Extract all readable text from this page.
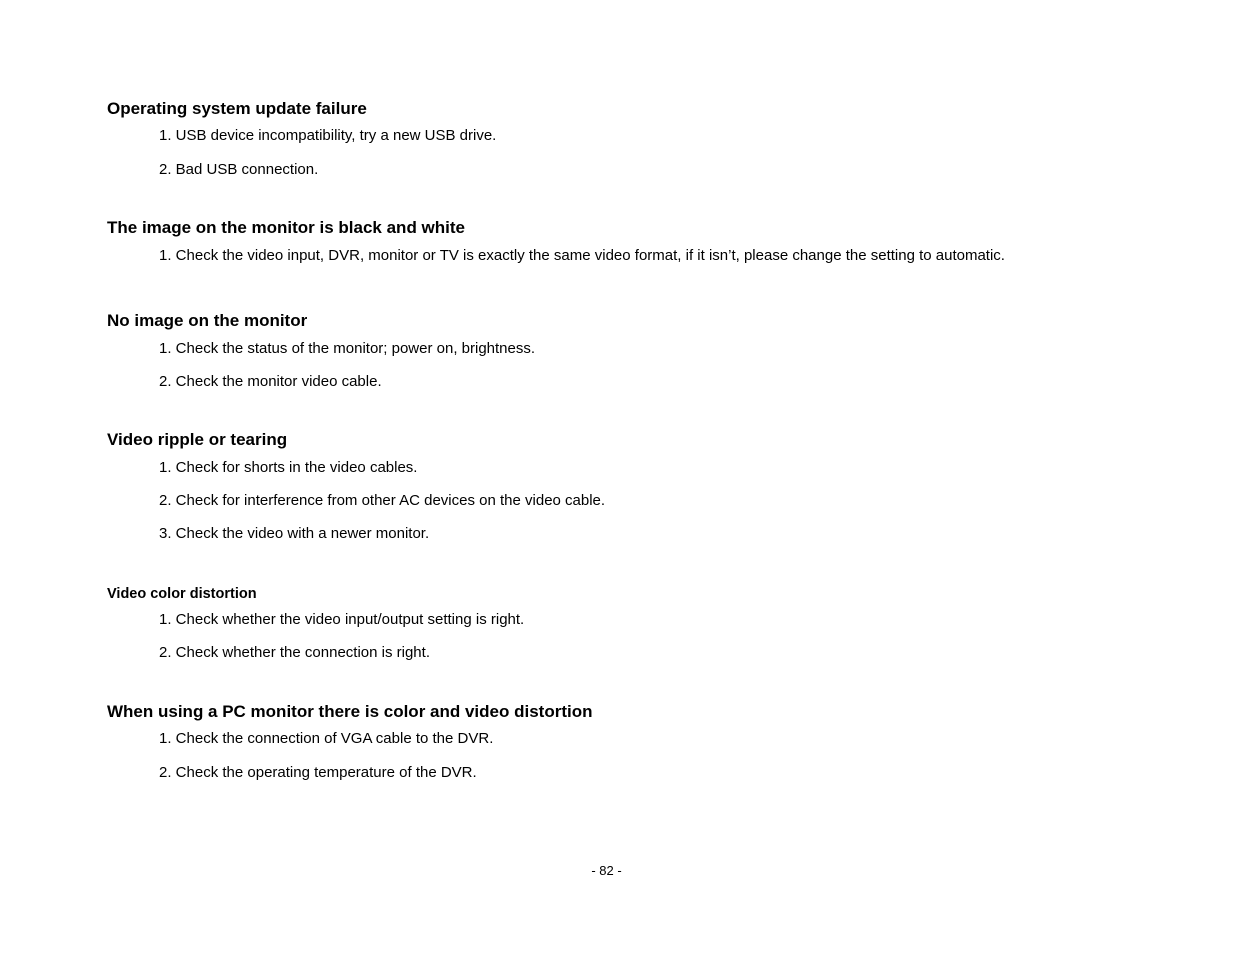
Operating system update failure
1. USB device incompatibility, try a new USB drive.
2. Bad USB connection.
The image on the monitor is black and white
1. Check the video input, DVR, monitor or TV is exactly the same video format, if it isn’t, please change the setting to automatic.
No image on the monitor
1. Check the status of the monitor; power on, brightness.
2. Check the monitor video cable.
Video ripple or tearing
1. Check for shorts in the video cables.
2. Check for interference from other AC devices on the video cable.
3. Check the video with a newer monitor.
Video color distortion
1. Check whether the video input/output setting is right.
2. Check whether the connection is right.
When using a PC monitor there is color and video distortion
1. Check the connection of VGA cable to the DVR.
2. Check the operating temperature of the DVR.
- 82 -
